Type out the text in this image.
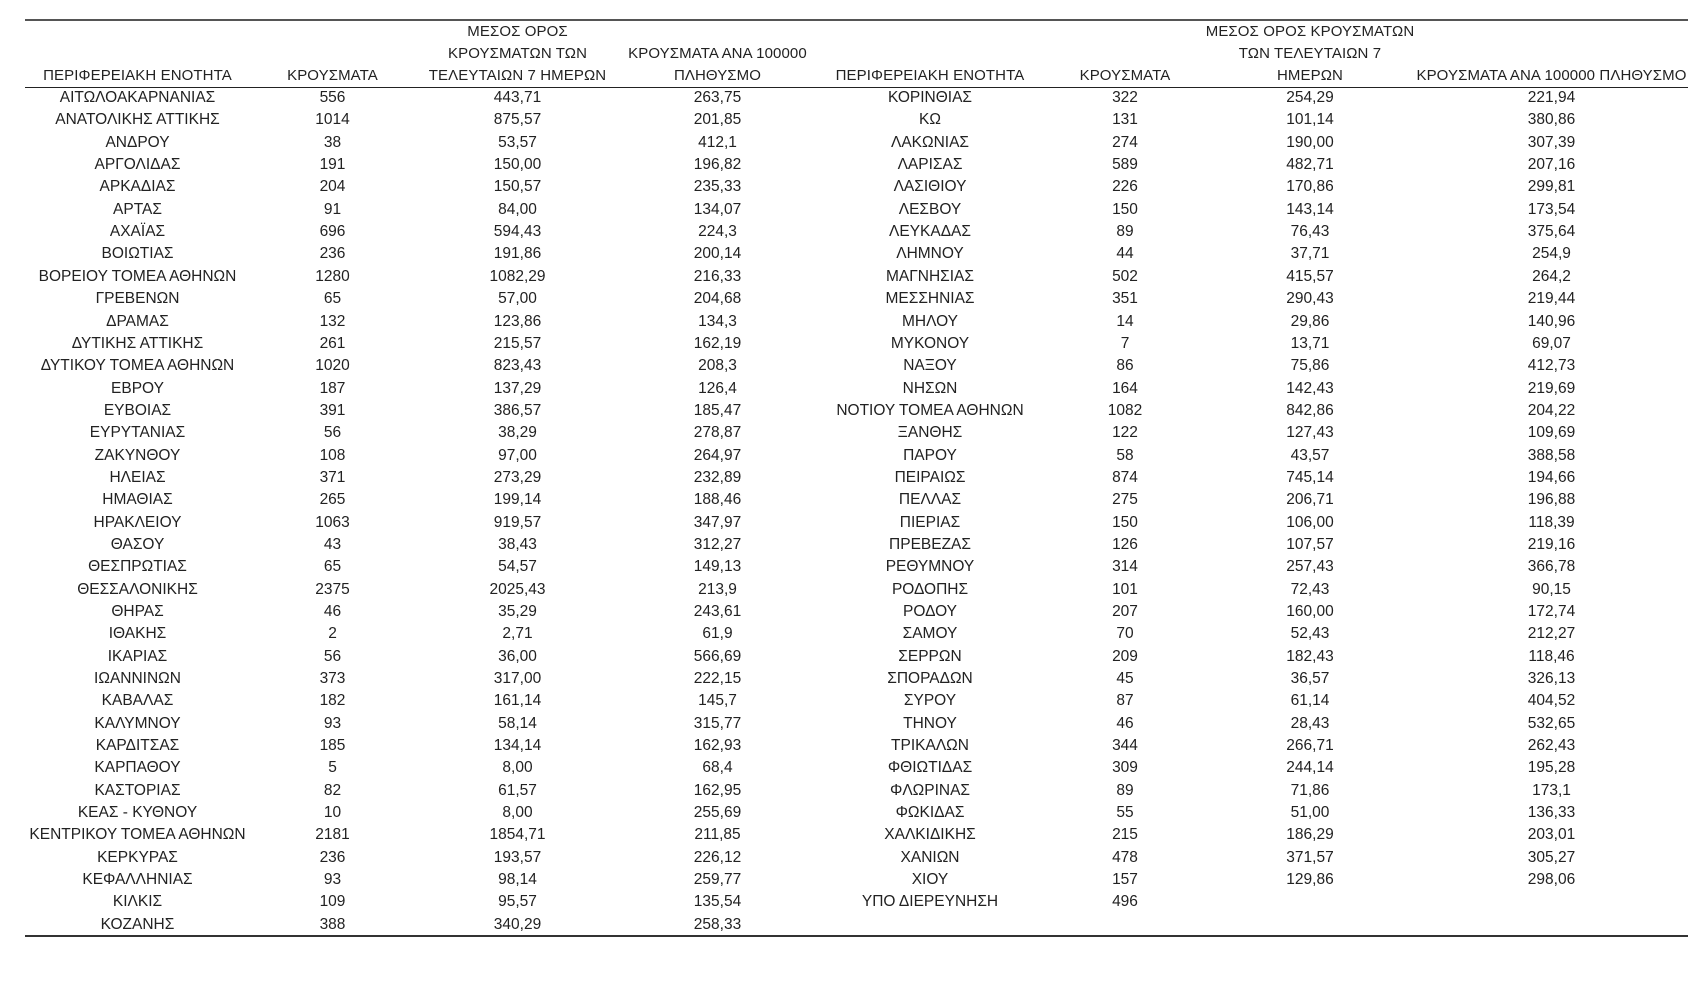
ΠΕΡΙΦΕΡΕΙΑΚΗ ΕΝΟΤΗΤΑ	ΚΡΟΥΣΜΑΤΑ	ΜΕΣΟΣ ΟΡΟΣ ΚΡΟΥΣΜΑΤΩΝ ΤΩΝ ΤΕΛΕΥΤΑΙΩΝ 7 ΗΜΕΡΩΝ	ΚΡΟΥΣΜΑΤΑ ΑΝΑ 100000 ΠΛΗΘΥΣΜΟ	ΠΕΡΙΦΕΡΕΙΑΚΗ ΕΝΟΤΗΤΑ	ΚΡΟΥΣΜΑΤΑ	ΜΕΣΟΣ ΟΡΟΣ ΚΡΟΥΣΜΑΤΩΝ ΤΩΝ ΤΕΛΕΥΤΑΙΩΝ 7 ΗΜΕΡΩΝ	ΚΡΟΥΣΜΑΤΑ ΑΝΑ 100000 ΠΛΗΘΥΣΜΟ
ΑΙΤΩΛΟΑΚΑΡΝΑΝΙΑΣ	556	443,71	263,75	ΚΟΡΙΝΘΙΑΣ	322	254,29	221,94
ΑΝΑΤΟΛΙΚΗΣ ΑΤΤΙΚΗΣ	1014	875,57	201,85	ΚΩ	131	101,14	380,86
ΑΝΔΡΟΥ	38	53,57	412,1	ΛΑΚΩΝΙΑΣ	274	190,00	307,39
ΑΡΓΟΛΙΔΑΣ	191	150,00	196,82	ΛΑΡΙΣΑΣ	589	482,71	207,16
ΑΡΚΑΔΙΑΣ	204	150,57	235,33	ΛΑΣΙΘΙΟΥ	226	170,86	299,81
ΑΡΤΑΣ	91	84,00	134,07	ΛΕΣΒΟΥ	150	143,14	173,54
ΑΧΑΪΑΣ	696	594,43	224,3	ΛΕΥΚΑΔΑΣ	89	76,43	375,64
ΒΟΙΩΤΙΑΣ	236	191,86	200,14	ΛΗΜΝΟΥ	44	37,71	254,9
ΒΟΡΕΙΟΥ ΤΟΜΕΑ ΑΘΗΝΩΝ	1280	1082,29	216,33	ΜΑΓΝΗΣΙΑΣ	502	415,57	264,2
ΓΡΕΒΕΝΩΝ	65	57,00	204,68	ΜΕΣΣΗΝΙΑΣ	351	290,43	219,44
ΔΡΑΜΑΣ	132	123,86	134,3	ΜΗΛΟΥ	14	29,86	140,96
ΔΥΤΙΚΗΣ ΑΤΤΙΚΗΣ	261	215,57	162,19	ΜΥΚΟΝΟΥ	7	13,71	69,07
ΔΥΤΙΚΟΥ ΤΟΜΕΑ ΑΘΗΝΩΝ	1020	823,43	208,3	ΝΑΞΟΥ	86	75,86	412,73
ΕΒΡΟΥ	187	137,29	126,4	ΝΗΣΩΝ	164	142,43	219,69
ΕΥΒΟΙΑΣ	391	386,57	185,47	ΝΟΤΙΟΥ ΤΟΜΕΑ ΑΘΗΝΩΝ	1082	842,86	204,22
ΕΥΡΥΤΑΝΙΑΣ	56	38,29	278,87	ΞΑΝΘΗΣ	122	127,43	109,69
ΖΑΚΥΝΘΟΥ	108	97,00	264,97	ΠΑΡΟΥ	58	43,57	388,58
ΗΛΕΙΑΣ	371	273,29	232,89	ΠΕΙΡΑΙΩΣ	874	745,14	194,66
ΗΜΑΘΙΑΣ	265	199,14	188,46	ΠΕΛΛΑΣ	275	206,71	196,88
ΗΡΑΚΛΕΙΟΥ	1063	919,57	347,97	ΠΙΕΡΙΑΣ	150	106,00	118,39
ΘΑΣΟΥ	43	38,43	312,27	ΠΡΕΒΕΖΑΣ	126	107,57	219,16
ΘΕΣΠΡΩΤΙΑΣ	65	54,57	149,13	ΡΕΘΥΜΝΟΥ	314	257,43	366,78
ΘΕΣΣΑΛΟΝΙΚΗΣ	2375	2025,43	213,9	ΡΟΔΟΠΗΣ	101	72,43	90,15
ΘΗΡΑΣ	46	35,29	243,61	ΡΟΔΟΥ	207	160,00	172,74
ΙΘΑΚΗΣ	2	2,71	61,9	ΣΑΜΟΥ	70	52,43	212,27
ΙΚΑΡΙΑΣ	56	36,00	566,69	ΣΕΡΡΩΝ	209	182,43	118,46
ΙΩΑΝΝΙΝΩΝ	373	317,00	222,15	ΣΠΟΡΑΔΩΝ	45	36,57	326,13
ΚΑΒΑΛΑΣ	182	161,14	145,7	ΣΥΡΟΥ	87	61,14	404,52
ΚΑΛΥΜΝΟΥ	93	58,14	315,77	ΤΗΝΟΥ	46	28,43	532,65
ΚΑΡΔΙΤΣΑΣ	185	134,14	162,93	ΤΡΙΚΑΛΩΝ	344	266,71	262,43
ΚΑΡΠΑΘΟΥ	5	8,00	68,4	ΦΘΙΩΤΙΔΑΣ	309	244,14	195,28
ΚΑΣΤΟΡΙΑΣ	82	61,57	162,95	ΦΛΩΡΙΝΑΣ	89	71,86	173,1
ΚΕΑΣ - ΚΥΘΝΟΥ	10	8,00	255,69	ΦΩΚΙΔΑΣ	55	51,00	136,33
ΚΕΝΤΡΙΚΟΥ ΤΟΜΕΑ ΑΘΗΝΩΝ	2181	1854,71	211,85	ΧΑΛΚΙΔΙΚΗΣ	215	186,29	203,01
ΚΕΡΚΥΡΑΣ	236	193,57	226,12	ΧΑΝΙΩΝ	478	371,57	305,27
ΚΕΦΑΛΛΗΝΙΑΣ	93	98,14	259,77	ΧΙΟΥ	157	129,86	298,06
ΚΙΛΚΙΣ	109	95,57	135,54	ΥΠΟ ΔΙΕΡΕΥΝΗΣΗ	496		
ΚΟΖΑΝΗΣ	388	340,29	258,33				
